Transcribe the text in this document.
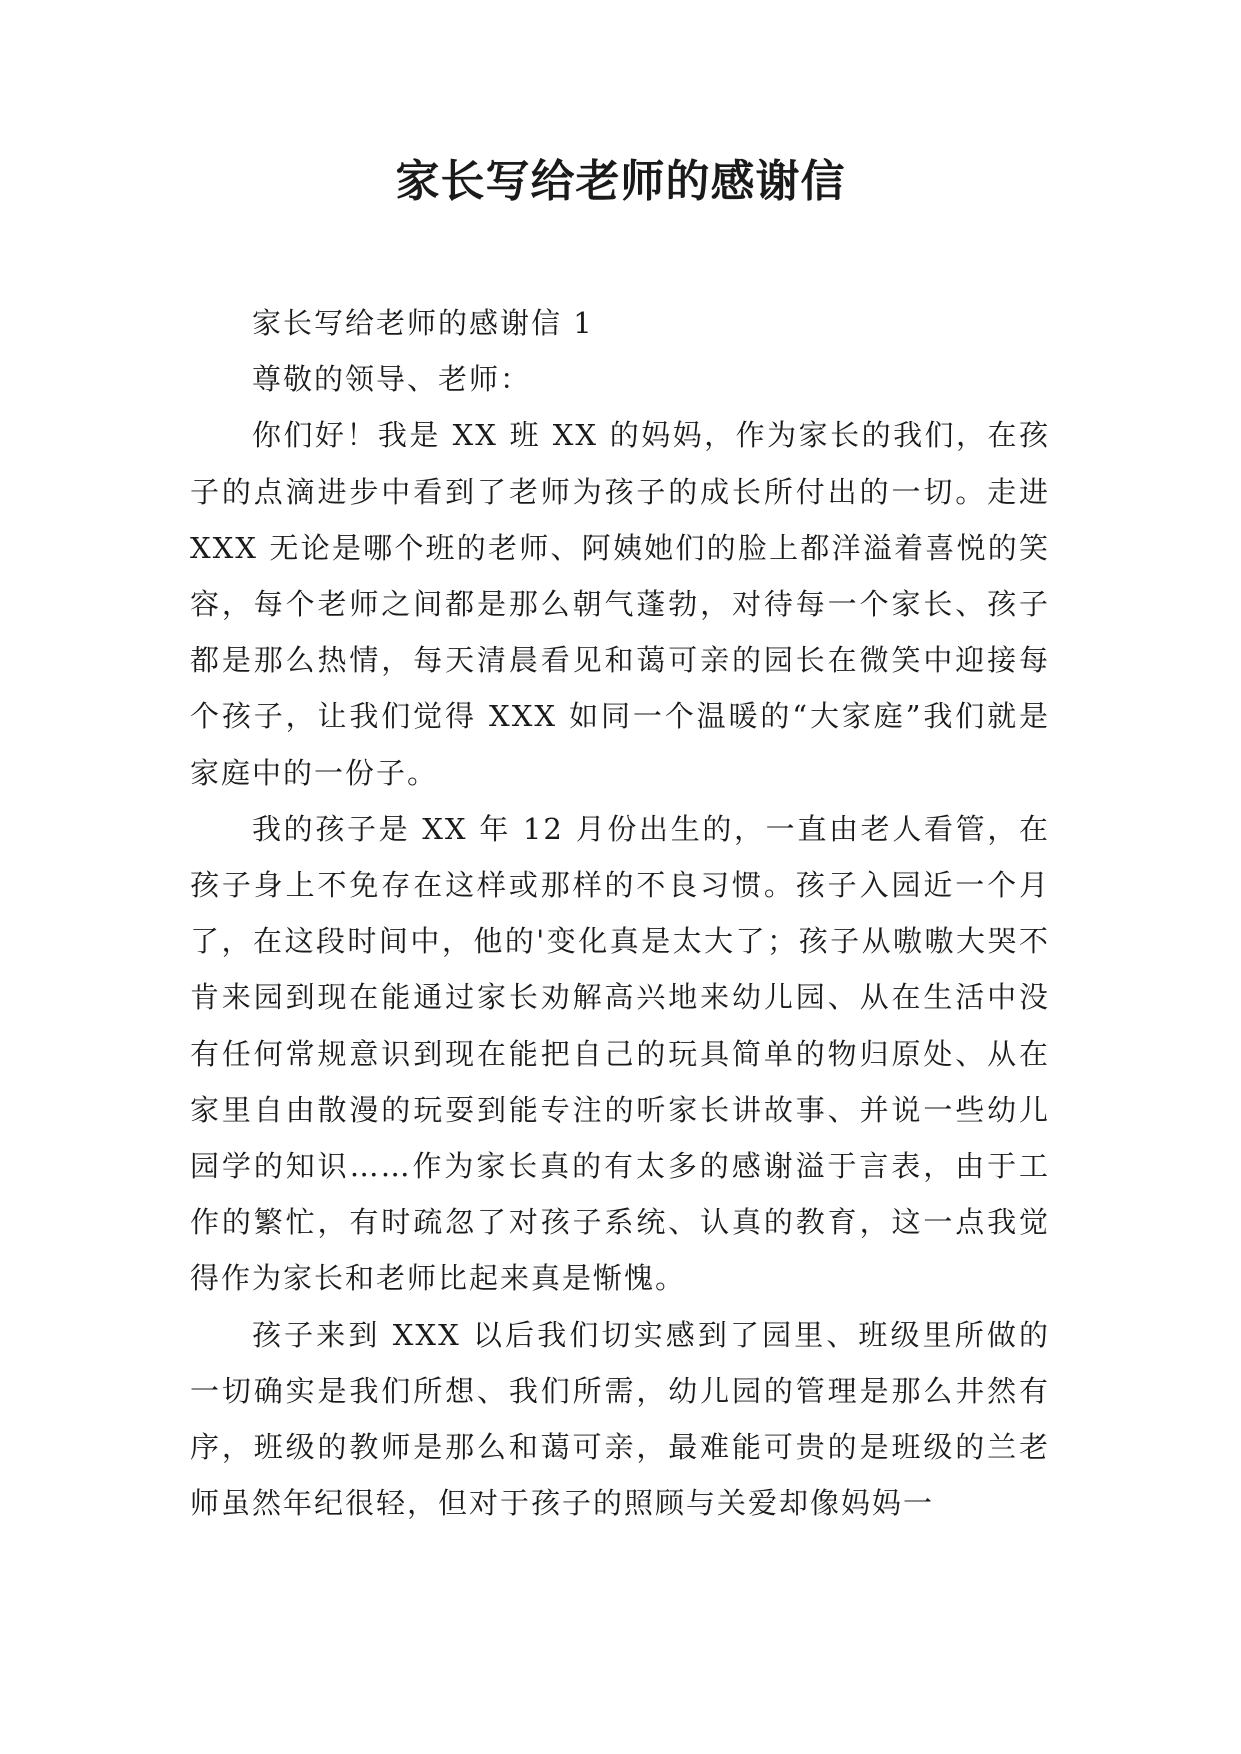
家长写给老师的感谢信

家长写给老师的感谢信 1

尊敬的领导、老师：

你们好！我是 XX 班 XX 的妈妈，作为家长的我们，在孩子的点滴进步中看到了老师为孩子的成长所付出的一切。走进 XXX 无论是哪个班的老师、阿姨她们的脸上都洋溢着喜悦的笑容，每个老师之间都是那么朝气蓬勃，对待每一个家长、孩子都是那么热情，每天清晨看见和蔼可亲的园长在微笑中迎接每个孩子，让我们觉得 XXX 如同一个温暖的“大家庭”我们就是家庭中的一份子。

我的孩子是 XX 年 12 月份出生的，一直由老人看管，在孩子身上不免存在这样或那样的不良习惯。孩子入园近一个月了，在这段时间中，他的'变化真是太大了；孩子从嗷嗷大哭不肯来园到现在能通过家长劝解高兴地来幼儿园、从在生活中没有任何常规意识到现在能把自己的玩具简单的物归原处、从在家里自由散漫的玩耍到能专注的听家长讲故事、并说一些幼儿园学的知识……作为家长真的有太多的感谢溢于言表，由于工作的繁忙，有时疏忽了对孩子系统、认真的教育，这一点我觉得作为家长和老师比起来真是惭愧。

孩子来到 XXX 以后我们切实感到了园里、班级里所做的一切确实是我们所想、我们所需，幼儿园的管理是那么井然有序，班级的教师是那么和蔼可亲，最难能可贵的是班级的兰老师虽然年纪很轻，但对于孩子的照顾与关爱却像妈妈一
